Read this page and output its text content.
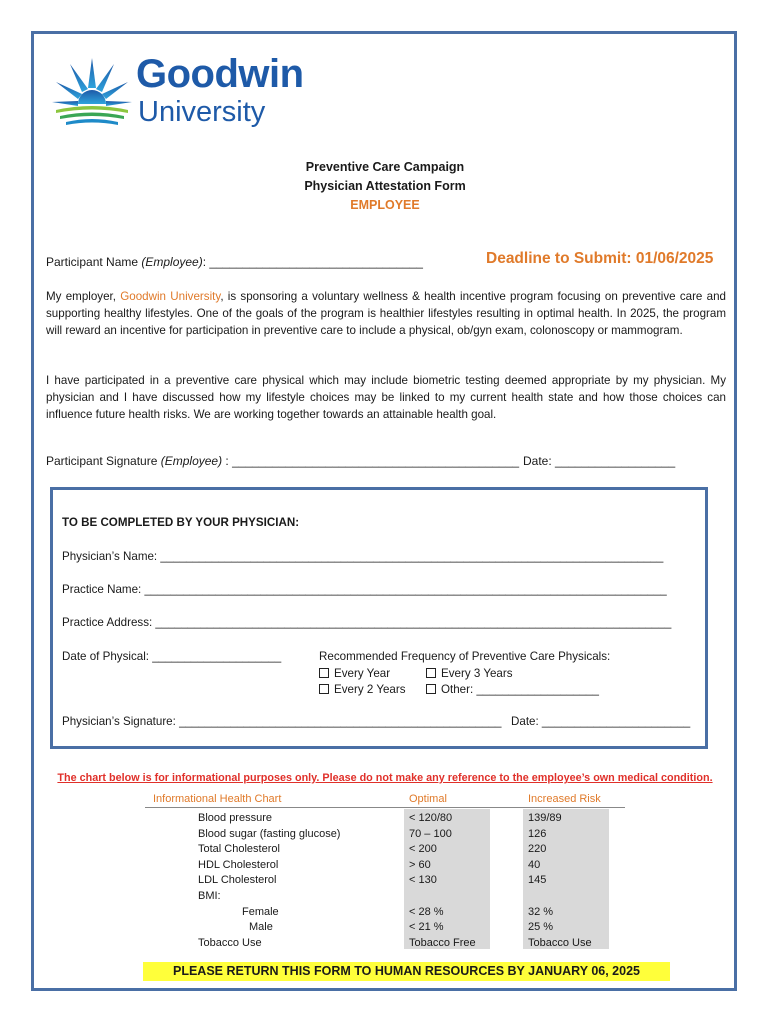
Goodwin
University
Preventive Care Campaign
Physician Attestation Form
EMPLOYEE
Participant Name (Employee): ________________________________	Deadline to Submit: 01/06/2025
My employer, Goodwin University, is sponsoring a voluntary wellness & health incentive program focusing on preventive care and supporting healthy lifestyles. One of the goals of the program is healthier lifestyles resulting in optimal health. In 2025, the program will reward an incentive for participation in preventive care to include a physical, ob/gyn exam, colonoscopy or mammogram.
I have participated in a preventive care physical which may include biometric testing deemed appropriate by my physician. My physician and I have discussed how my lifestyle choices may be linked to my current health state and how those choices can influence future health risks. We are working together towards an attainable health goal.
Participant Signature (Employee) : ___________________________________________ Date: __________________
TO BE COMPLETED BY YOUR PHYSICIAN:
Physician’s Name: ______________________________________________________________________________
Practice Name: _________________________________________________________________________________
Practice Address: ________________________________________________________________________________
Date of Physical: ____________________	Recommended Frequency of Preventive Care Physicals:
Every Year	Every 3 Years
Every 2 Years	Other: ___________________
Physician’s Signature: __________________________________________________ Date: _______________________
The chart below is for informational purposes only. Please do not make any reference to the employee’s own medical condition.
Informational Health Chart	Optimal	Increased Risk
Blood pressure	< 120/80	139/89
Blood sugar (fasting glucose)	70 – 100	126
Total Cholesterol	< 200	220
HDL Cholesterol	> 60	40
LDL Cholesterol	< 130	145
BMI:
Female	< 28 %	32 %
Male	< 21 %	25 %
Tobacco Use	Tobacco Free	Tobacco Use
PLEASE RETURN THIS FORM TO HUMAN RESOURCES BY JANUARY 06, 2025
